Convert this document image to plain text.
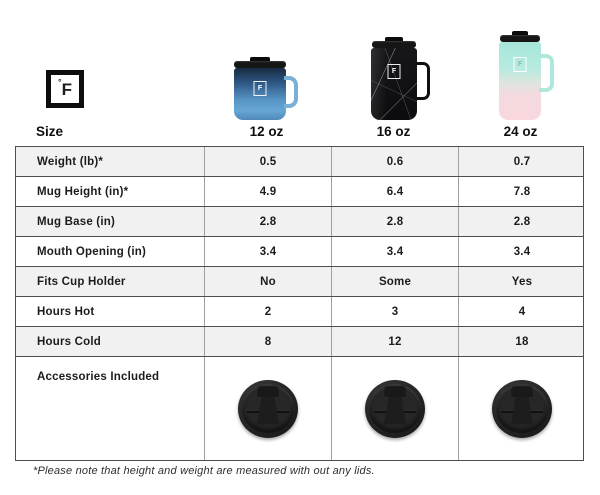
° F	F
F
F
Size	12 oz	16 oz	24 oz
Weight (lb)*	0.5	0.6	0.7
Mug Height (in)*	4.9	6.4	7.8
Mug Base (in)	2.8	2.8	2.8
Mouth Opening (in)	3.4	3.4	3.4
Fits Cup Holder	No	Some	Yes
Hours Hot	2	3	4
Hours Cold	8	12	18
Accessories Included
*Please note that height and weight are measured with out any lids.
